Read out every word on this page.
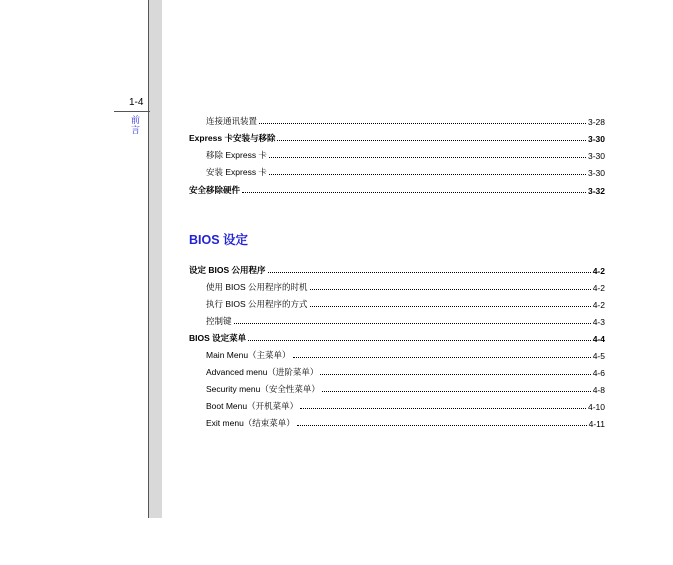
1-4
前言
连接通讯装置	3-28
Express 卡安装与移除	3-30
移除 Express 卡	3-30
安装 Express 卡	3-30
安全移除硬件	3-32
BIOS 设定
设定 BIOS 公用程序	4-2
使用 BIOS 公用程序的时机	4-2
执行 BIOS 公用程序的方式	4-2
控制键	4-3
BIOS 设定菜单	4-4
Main Menu（主菜单）	4-5
Advanced menu（进阶菜单）	4-6
Security menu（安全性菜单）	4-8
Boot Menu（开机菜单）	4-10
Exit menu（结束菜单）	4-11
